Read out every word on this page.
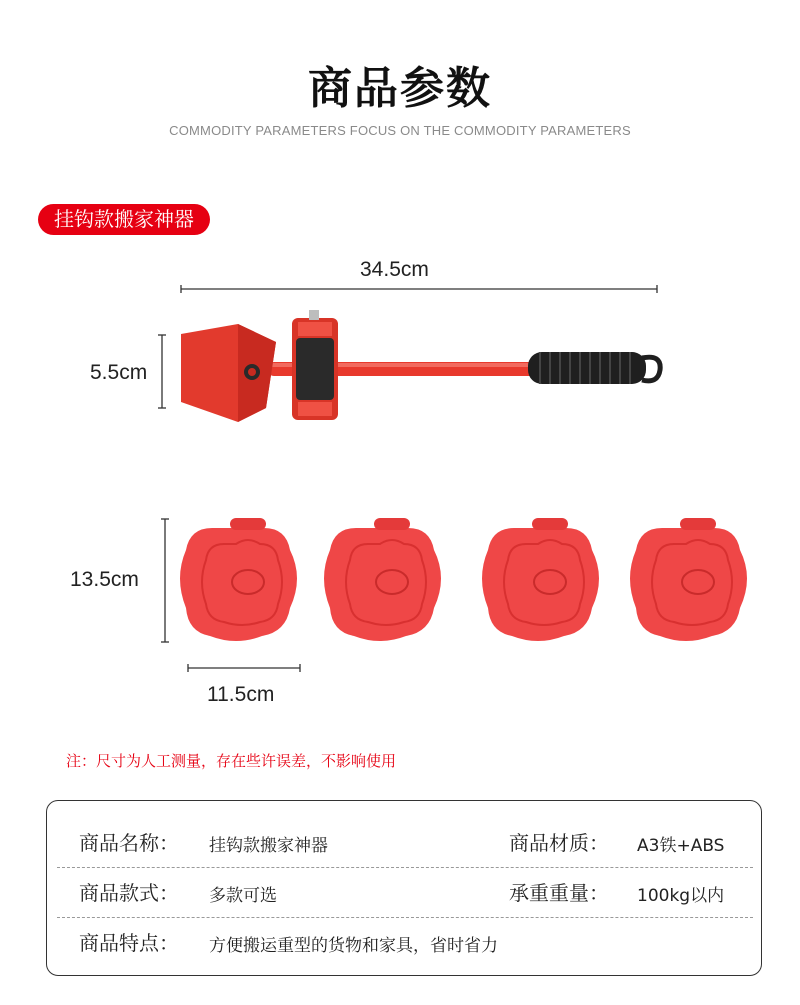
商品参数
COMMODITY PARAMETERS FOCUS ON THE COMMODITY PARAMETERS
挂钩款搬家神器
34.5cm
5.5cm
13.5cm
11.5cm
注：尺寸为人工测量，存在些许误差，不影响使用
商品名称： 挂钩款搬家神器	商品材质： A3铁+ABS
商品款式： 多款可选	承重重量： 100kg以内
商品特点： 方便搬运重型的货物和家具，省时省力
